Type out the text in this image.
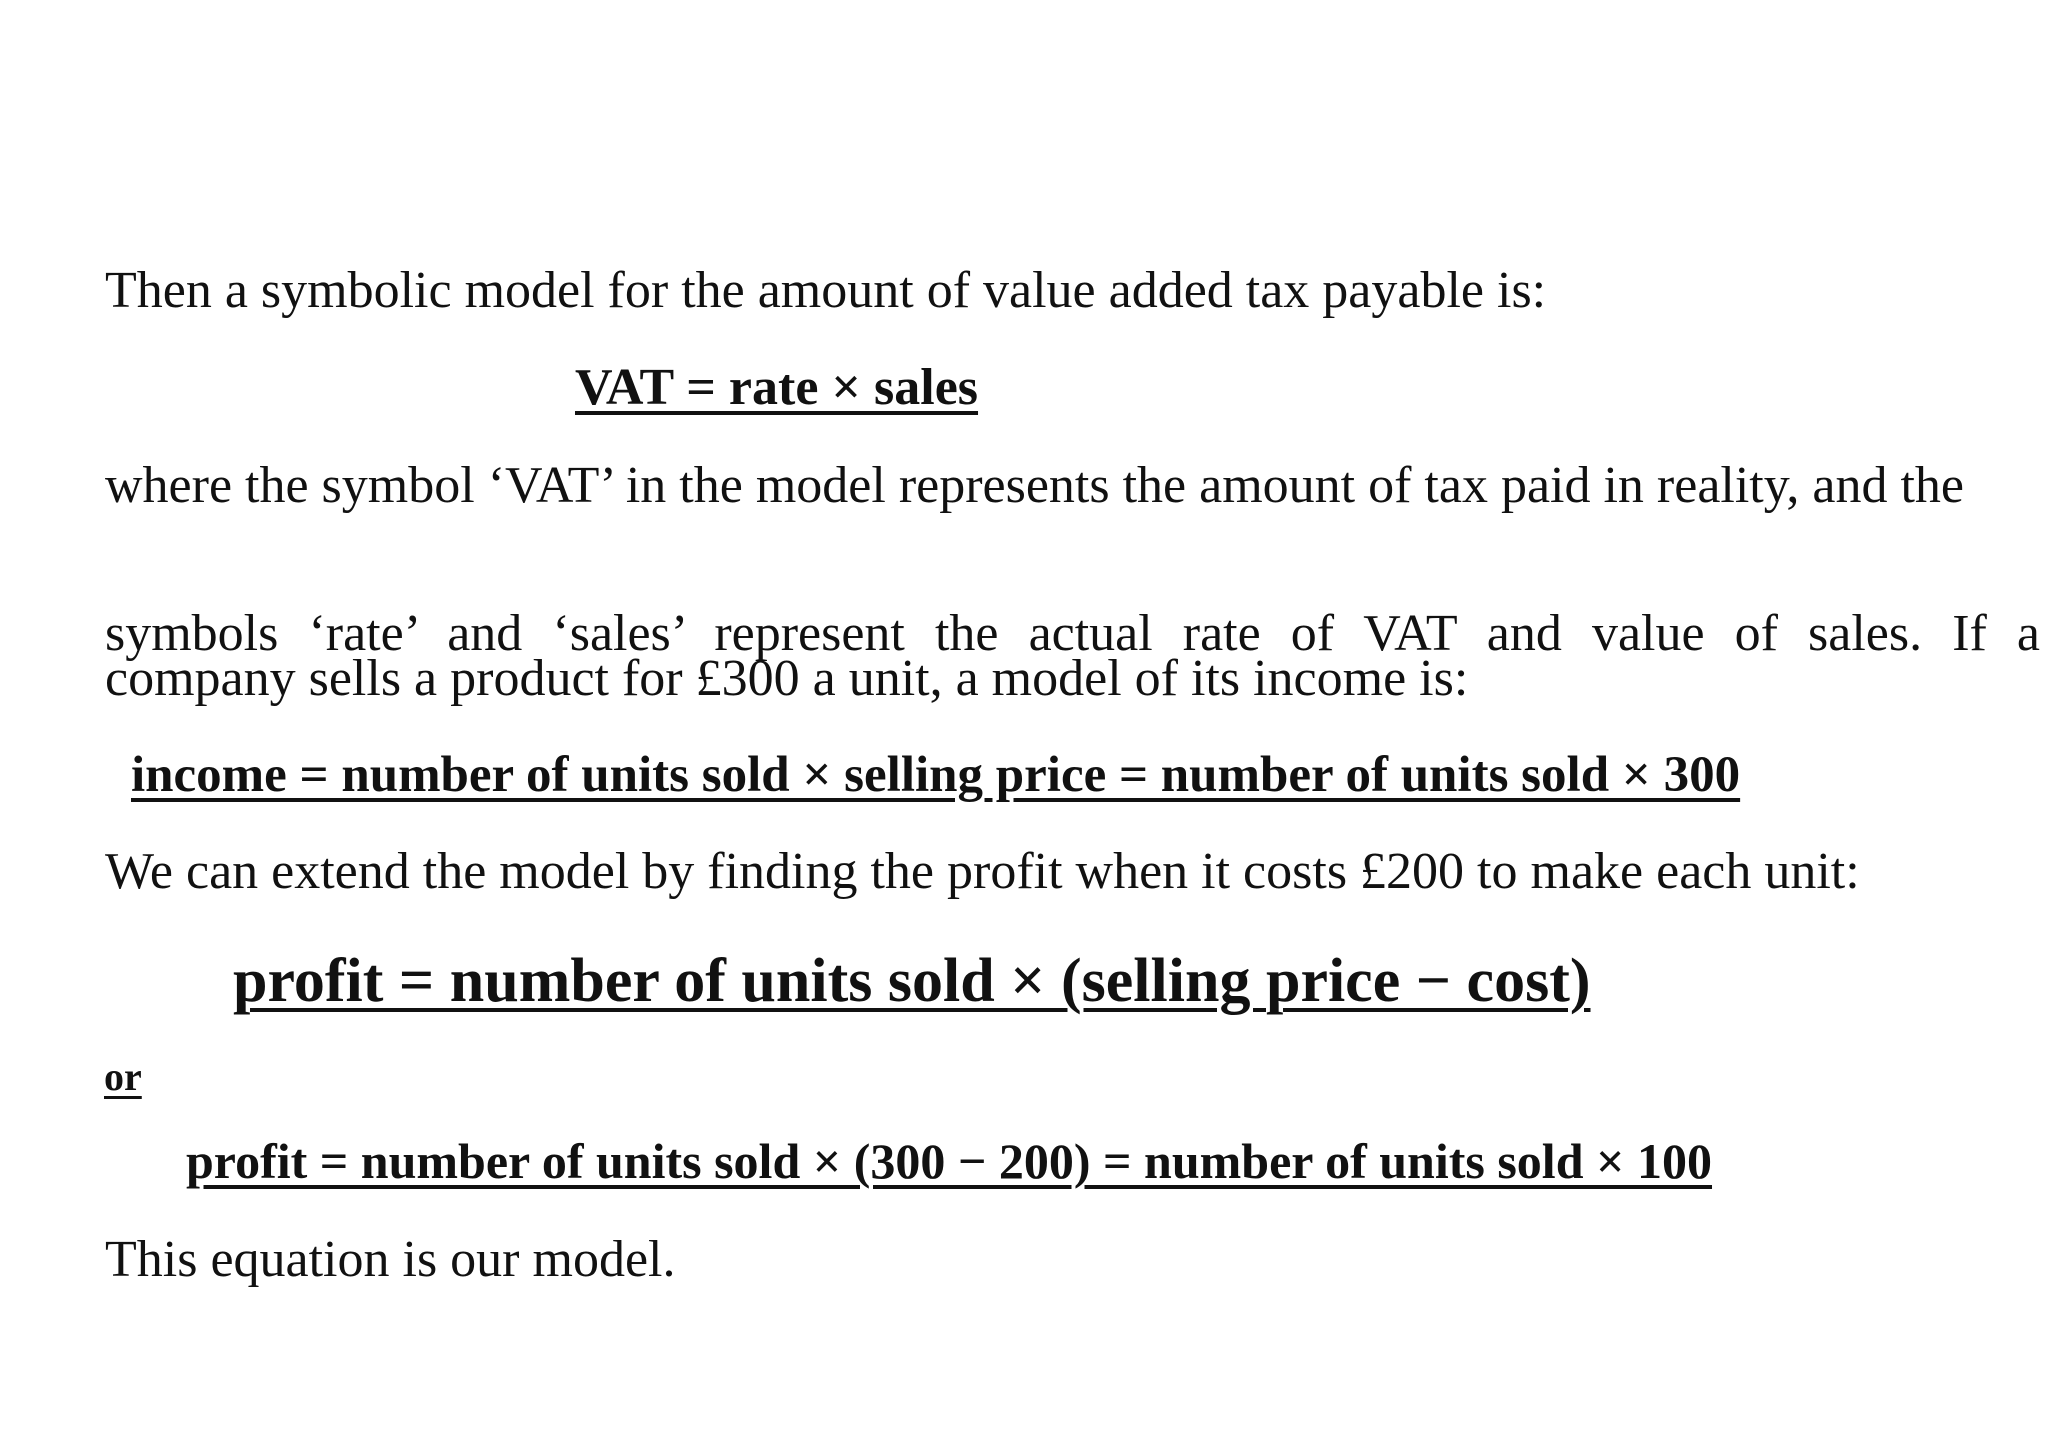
Then a symbolic model for the amount of value added tax payable is:

VAT = rate × sales

where the symbol ‘VAT’ in the model represents the amount of tax paid in reality, and the

symbols ‘rate’ and ‘sales’ represent the actual rate of VAT and value of sales. If a

company sells a product for £300 a unit, a model of its income is:

income = number of units sold × selling price = number of units sold × 300

We can extend the model by finding the profit when it costs £200 to make each unit:

profit = number of units sold × (selling price − cost)

or

profit = number of units sold × (300 − 200) = number of units sold × 100

This equation is our model.
